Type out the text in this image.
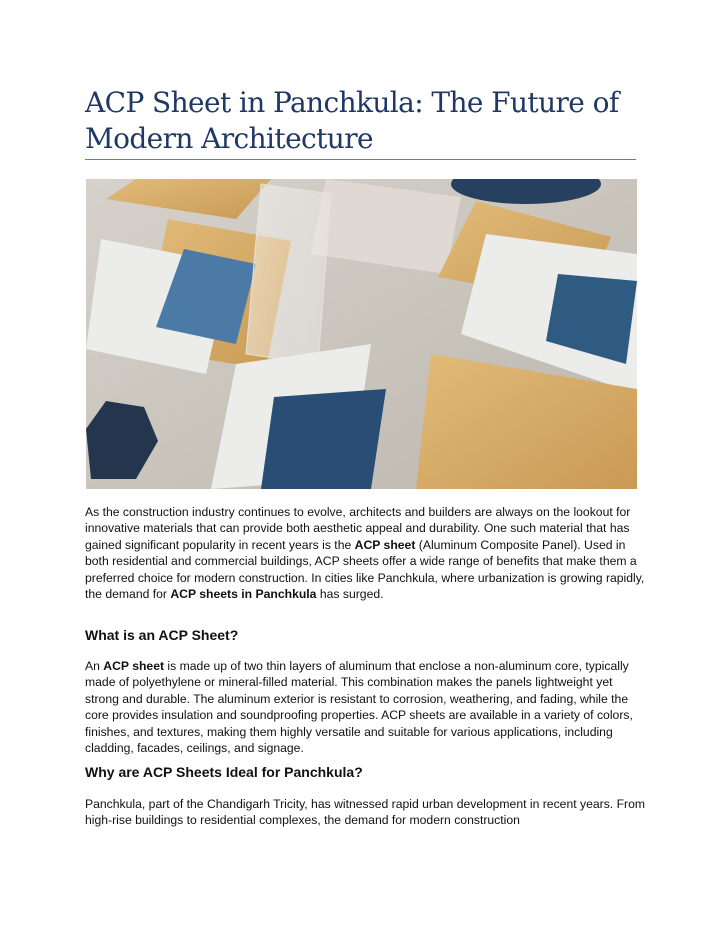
ACP Sheet in Panchkula: The Future of Modern Architecture

As the construction industry continues to evolve, architects and builders are always on the lookout for innovative materials that can provide both aesthetic appeal and durability. One such material that has gained significant popularity in recent years is the ACP sheet (Aluminum Composite Panel). Used in both residential and commercial buildings, ACP sheets offer a wide range of benefits that make them a preferred choice for modern construction. In cities like Panchkula, where urbanization is growing rapidly, the demand for ACP sheets in Panchkula has surged.

What is an ACP Sheet?

An ACP sheet is made up of two thin layers of aluminum that enclose a non-aluminum core, typically made of polyethylene or mineral-filled material. This combination makes the panels lightweight yet strong and durable. The aluminum exterior is resistant to corrosion, weathering, and fading, while the core provides insulation and soundproofing properties. ACP sheets are available in a variety of colors, finishes, and textures, making them highly versatile and suitable for various applications, including cladding, facades, ceilings, and signage.

Why are ACP Sheets Ideal for Panchkula?

Panchkula, part of the Chandigarh Tricity, has witnessed rapid urban development in recent years. From high-rise buildings to residential complexes, the demand for modern construction
